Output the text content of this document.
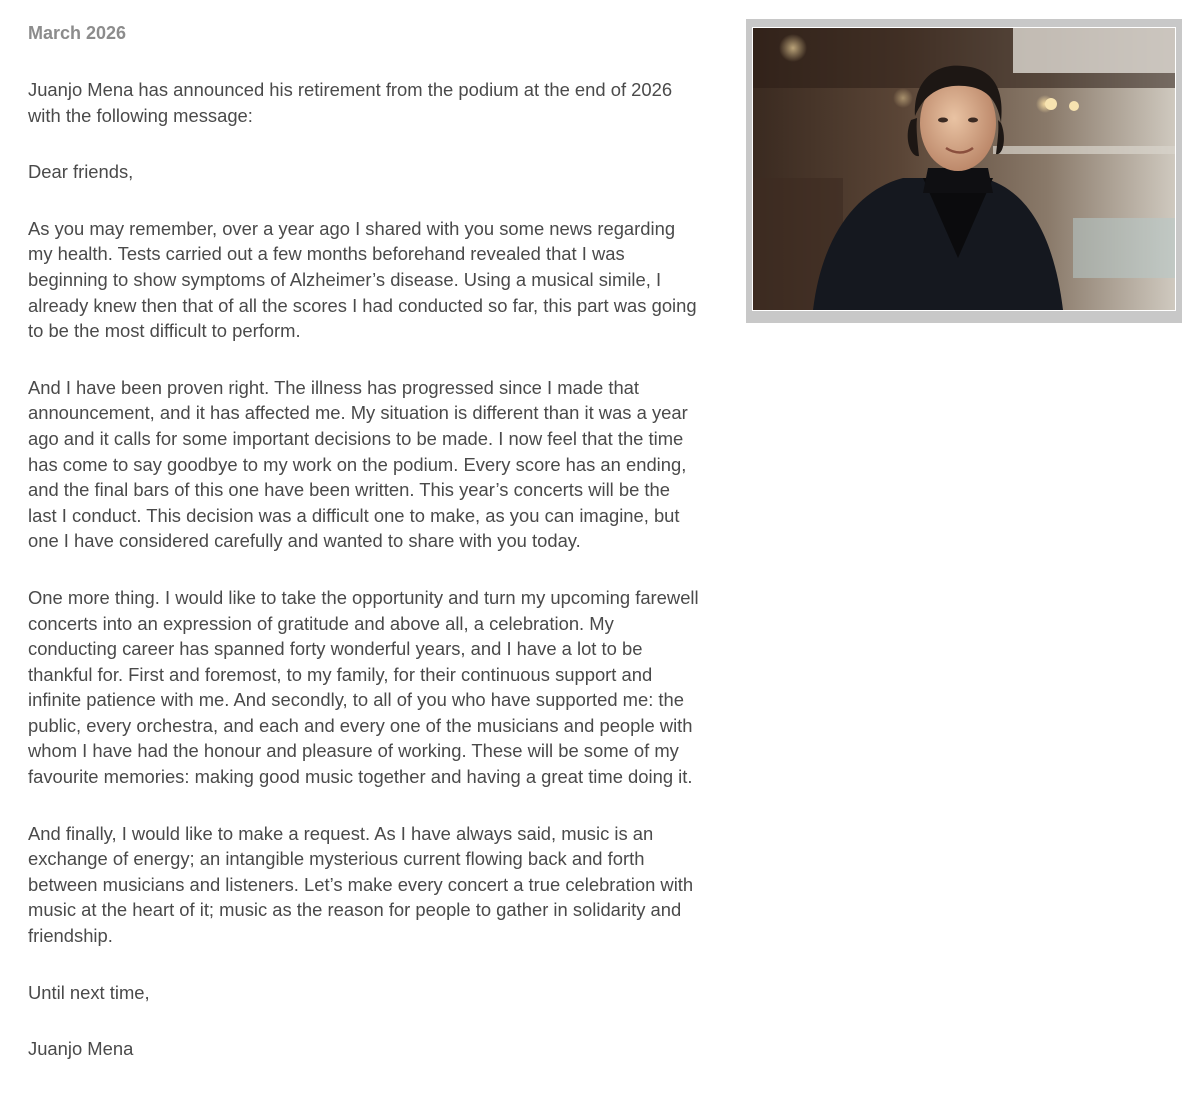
March 2026

Juanjo Mena has announced his retirement from the podium at the end of 2026 with the following message:

Dear friends,

As you may remember, over a year ago I shared with you some news regarding my health. Tests carried out a few months beforehand revealed that I was beginning to show symptoms of Alzheimer’s disease. Using a musical simile, I already knew then that of all the scores I had conducted so far, this part was going to be the most difficult to perform.

And I have been proven right. The illness has progressed since I made that announcement, and it has affected me. My situation is different than it was a year ago and it calls for some important decisions to be made. I now feel that the time has come to say goodbye to my work on the podium. Every score has an ending, and the final bars of this one have been written. This year’s concerts will be the last I conduct. This decision was a difficult one to make, as you can imagine, but one I have considered carefully and wanted to share with you today.

One more thing. I would like to take the opportunity and turn my upcoming farewell concerts into an expression of gratitude and above all, a celebration. My conducting career has spanned forty wonderful years, and I have a lot to be thankful for. First and foremost, to my family, for their continuous support and infinite patience with me. And secondly, to all of you who have supported me: the public, every orchestra, and each and every one of the musicians and people with whom I have had the honour and pleasure of working. These will be some of my favourite memories: making good music together and having a great time doing it.

And finally, I would like to make a request. As I have always said, music is an exchange of energy; an intangible mysterious current flowing back and forth between musicians and listeners. Let’s make every concert a true celebration with music at the heart of it; music as the reason for people to gather in solidarity and friendship.

Until next time,

Juanjo Mena
